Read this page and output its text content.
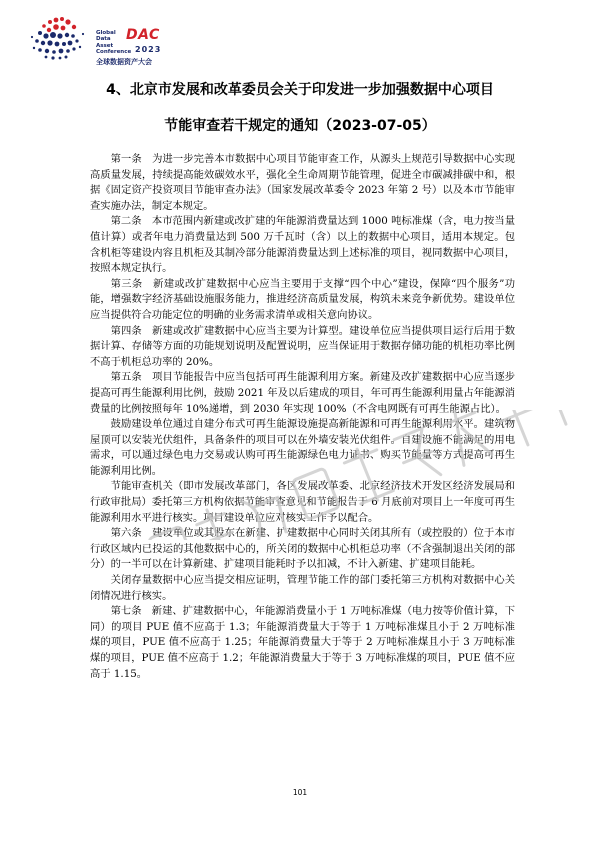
Global
Data
Asset
Conference
DAC
2023
全球数据资产大会
4、北京市发展和改革委员会关于印发进一步加强数据中心项目
节能审查若干规定的通知（2023-07-05）

第一条　为进一步完善本市数据中心项目节能审查工作，从源头上规范引导数据中心实现高质量发展，持续提高能效碳效水平，强化全生命周期节能管理，促进全市碳减排碳中和，根据《固定资产投资项目节能审查办法》（国家发展改革委令 2023 年第 2 号）以及本市节能审查实施办法，制定本规定。

第二条　本市范围内新建或改扩建的年能源消费量达到 1000 吨标准煤（含，电力按当量值计算）或者年电力消费量达到 500 万千瓦时（含）以上的数据中心项目，适用本规定。包含机柜等建设内容且机柜及其制冷部分能源消费量达到上述标准的项目，视同数据中心项目，按照本规定执行。

第三条　新建或改扩建数据中心应当主要用于支撑“四个中心”建设，保障“四个服务”功能，增强数字经济基础设施服务能力，推进经济高质量发展，构筑未来竞争新优势。建设单位应当提供符合功能定位的明确的业务需求清单或相关意向协议。

第四条　新建或改扩建数据中心应当主要为计算型。建设单位应当提供项目运行后用于数据计算、存储等方面的功能规划说明及配置说明，应当保证用于数据存储功能的机柜功率比例不高于机柜总功率的 20%。

第五条　项目节能报告中应当包括可再生能源利用方案。新建及改扩建数据中心应当逐步提高可再生能源利用比例，鼓励 2021 年及以后建成的项目，年可再生能源利用量占年能源消费量的比例按照每年 10%递增，到 2030 年实现 100%（不含电网既有可再生能源占比）。

鼓励建设单位通过自建分布式可再生能源设施提高新能源和可再生能源利用水平。建筑物屋顶可以安装光伏组件，具备条件的项目可以在外墙安装光伏组件。自建设施不能满足的用电需求，可以通过绿色电力交易或认购可再生能源绿色电力证书、购买节能量等方式提高可再生能源利用比例。

节能审查机关（即市发展改革部门，各区发展改革委、北京经济技术开发区经济发展局和行政审批局）委托第三方机构依据节能审查意见和节能报告于 6 月底前对项目上一年度可再生能源利用水平进行核实。项目建设单位应对核实工作予以配合。

第六条　建设单位或其股东在新建、扩建数据中心同时关闭其所有（或控股的）位于本市行政区域内已投运的其他数据中心的，所关闭的数据中心机柜总功率（不含强制退出关闭的部分）的一半可以在计算新建、扩建项目能耗时予以扣减，不计入新建、扩建项目能耗。

关闭存量数据中心应当提交相应证明，管理节能工作的部门委托第三方机构对数据中心关闭情况进行核实。

第七条　新建、扩建数据中心，年能源消费量小于 1 万吨标准煤（电力按等价值计算，下同）的项目 PUE 值不应高于 1.3；年能源消费量大于等于 1 万吨标准煤且小于 2 万吨标准煤的项目，PUE 值不应高于 1.25；年能源消费量大于等于 2 万吨标准煤且小于 3 万吨标准煤的项目，PUE 值不应高于 1.2；年能源消费量大于等于 3 万吨标准煤的项目，PUE 值不应高于 1.15。

101
